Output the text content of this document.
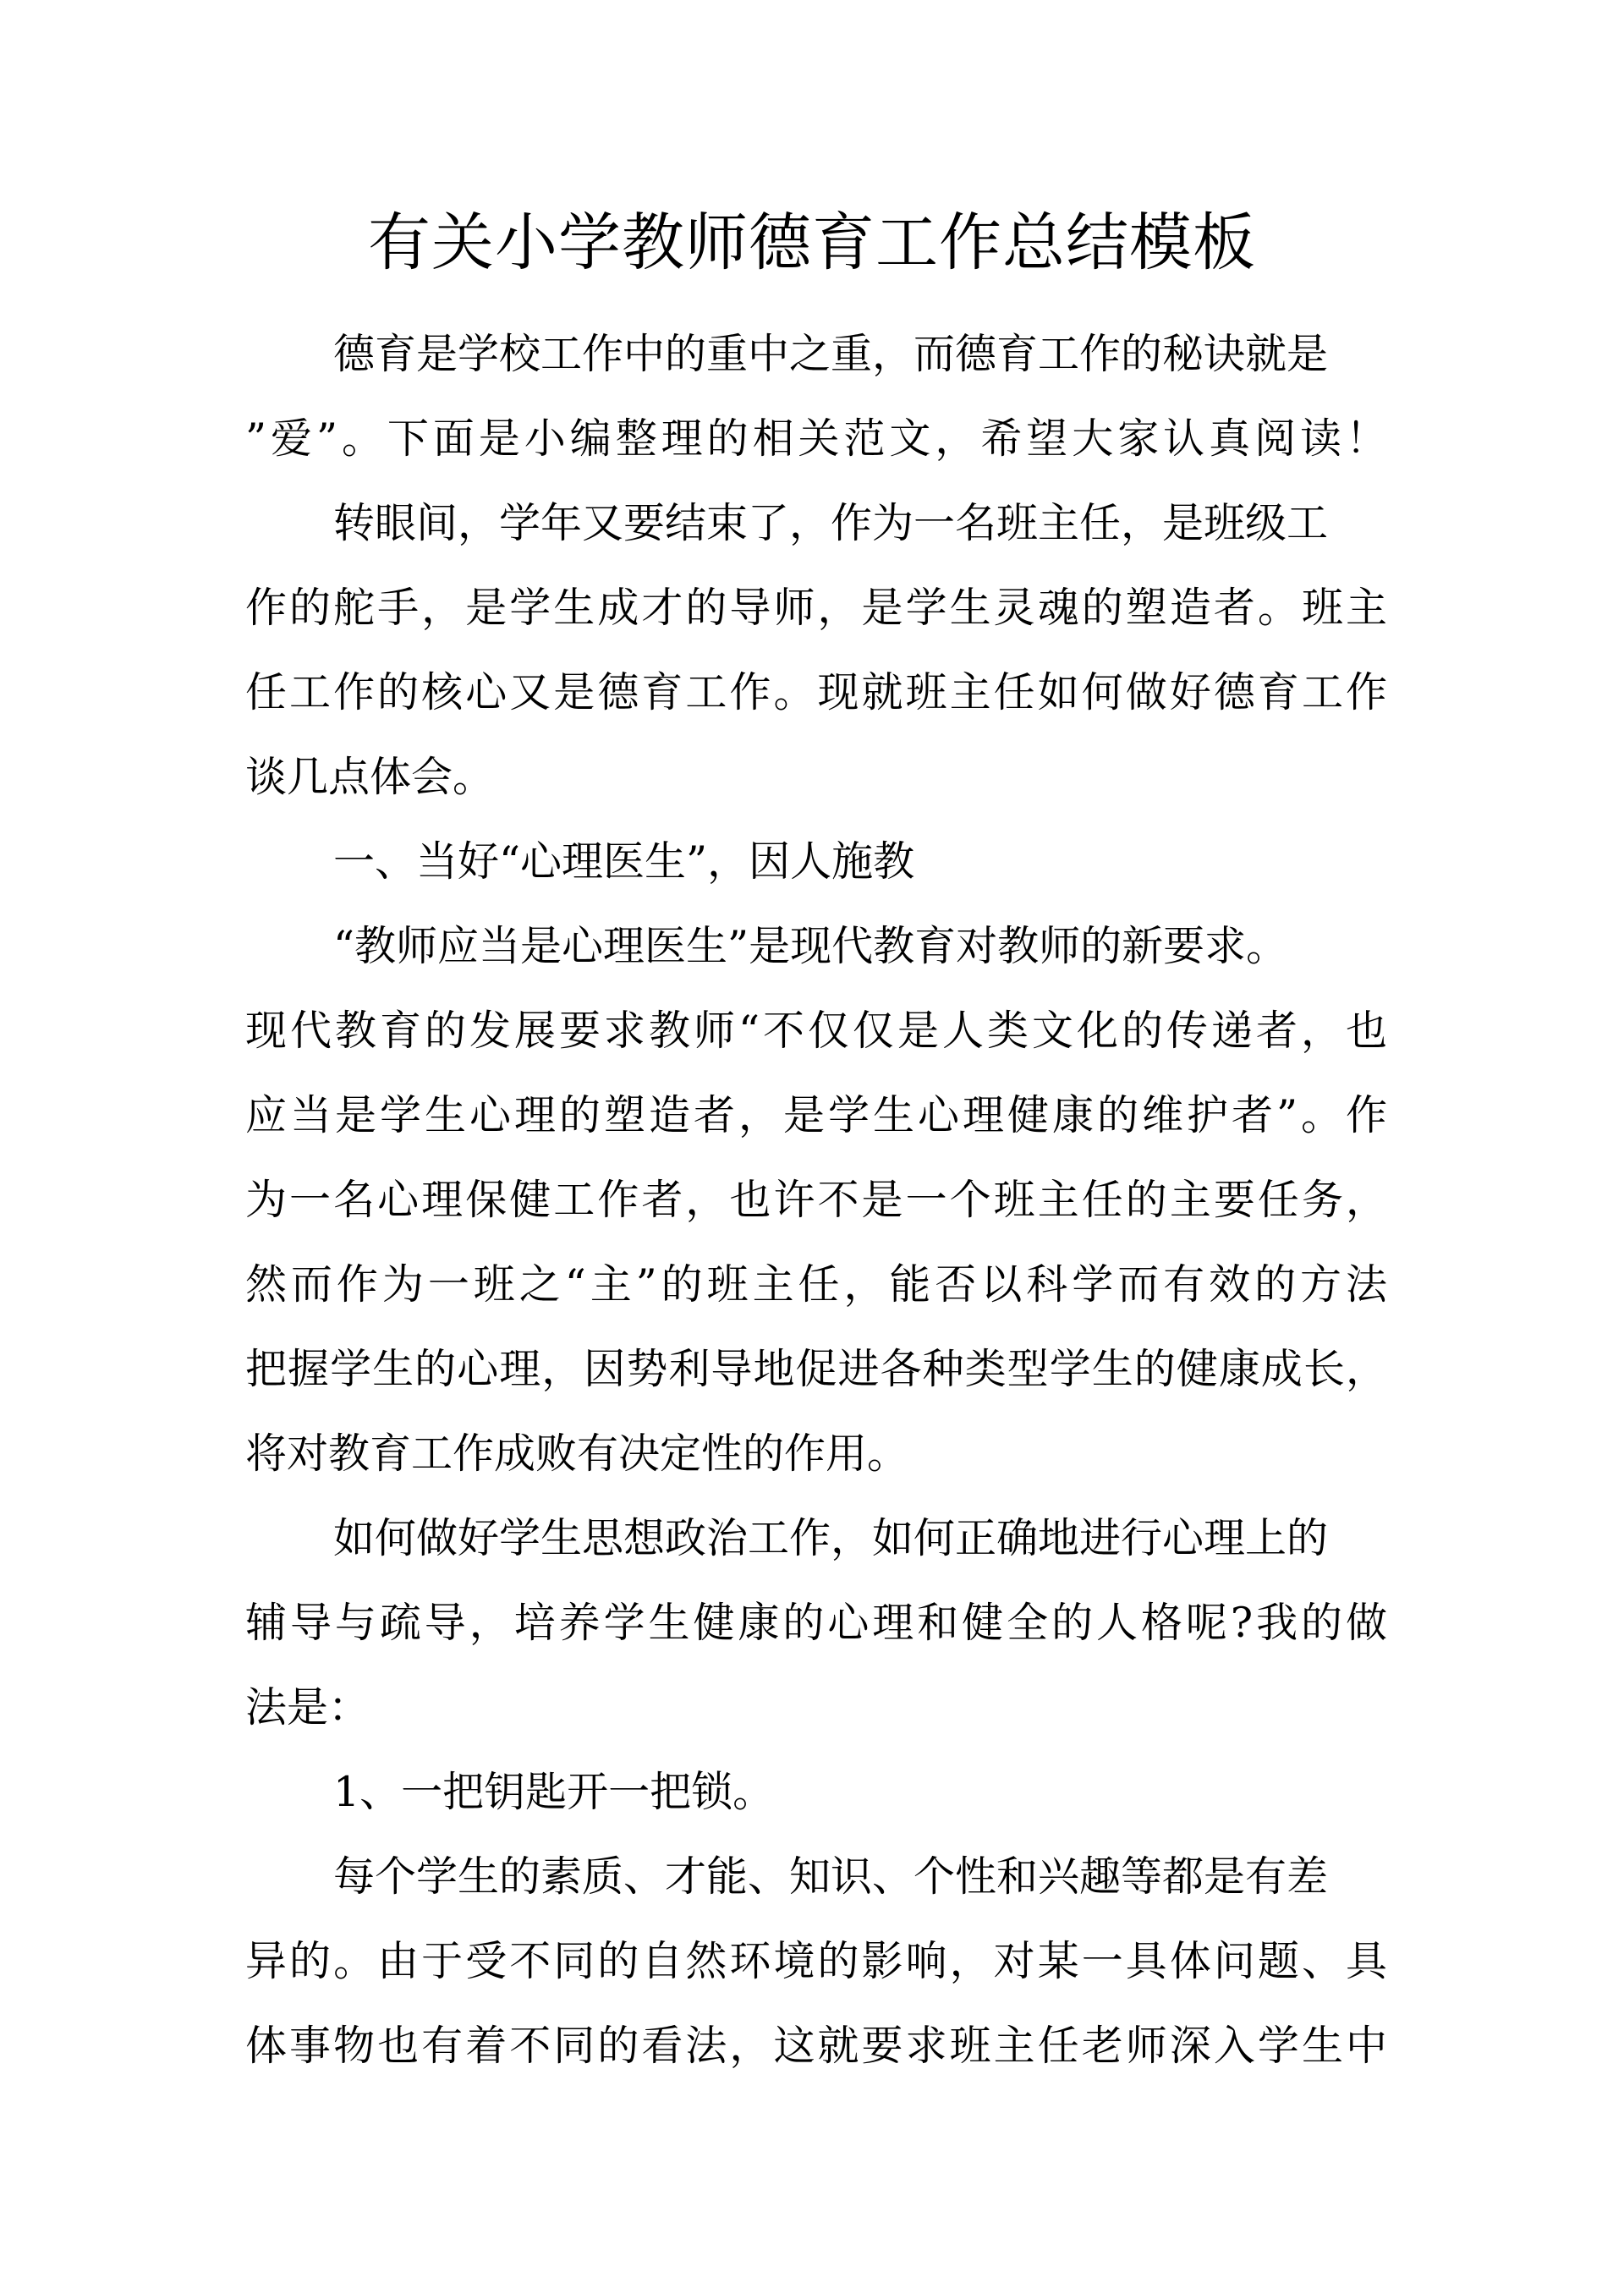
有关小学教师德育工作总结模板

德育是学校工作中的重中之重，而德育工作的秘诀就是

”爱”。下面是小编整理的相关范文，希望大家认真阅读！

转眼间，学年又要结束了，作为一名班主任，是班级工

作的舵手，是学生成才的导师，是学生灵魂的塑造者。班主

任工作的核心又是德育工作。现就班主任如何做好德育工作

谈几点体会。

一、当好“心理医生”，因人施教

“教师应当是心理医生”是现代教育对教师的新要求。

现代教育的发展要求教师“不仅仅是人类文化的传递者，也

应当是学生心理的塑造者，是学生心理健康的维护者”。作

为一名心理保健工作者，也许不是一个班主任的主要任务，

然而作为一班之“主”的班主任，能否以科学而有效的方法

把握学生的心理，因势利导地促进各种类型学生的健康成长，

将对教育工作成败有决定性的作用。

如何做好学生思想政治工作，如何正确地进行心理上的

辅导与疏导，培养学生健康的心理和健全的人格呢?我的做

法是：

1、一把钥匙开一把锁。

每个学生的素质、才能、知识、个性和兴趣等都是有差

异的。由于受不同的自然环境的影响，对某一具体问题、具

体事物也有着不同的看法，这就要求班主任老师深入学生中
